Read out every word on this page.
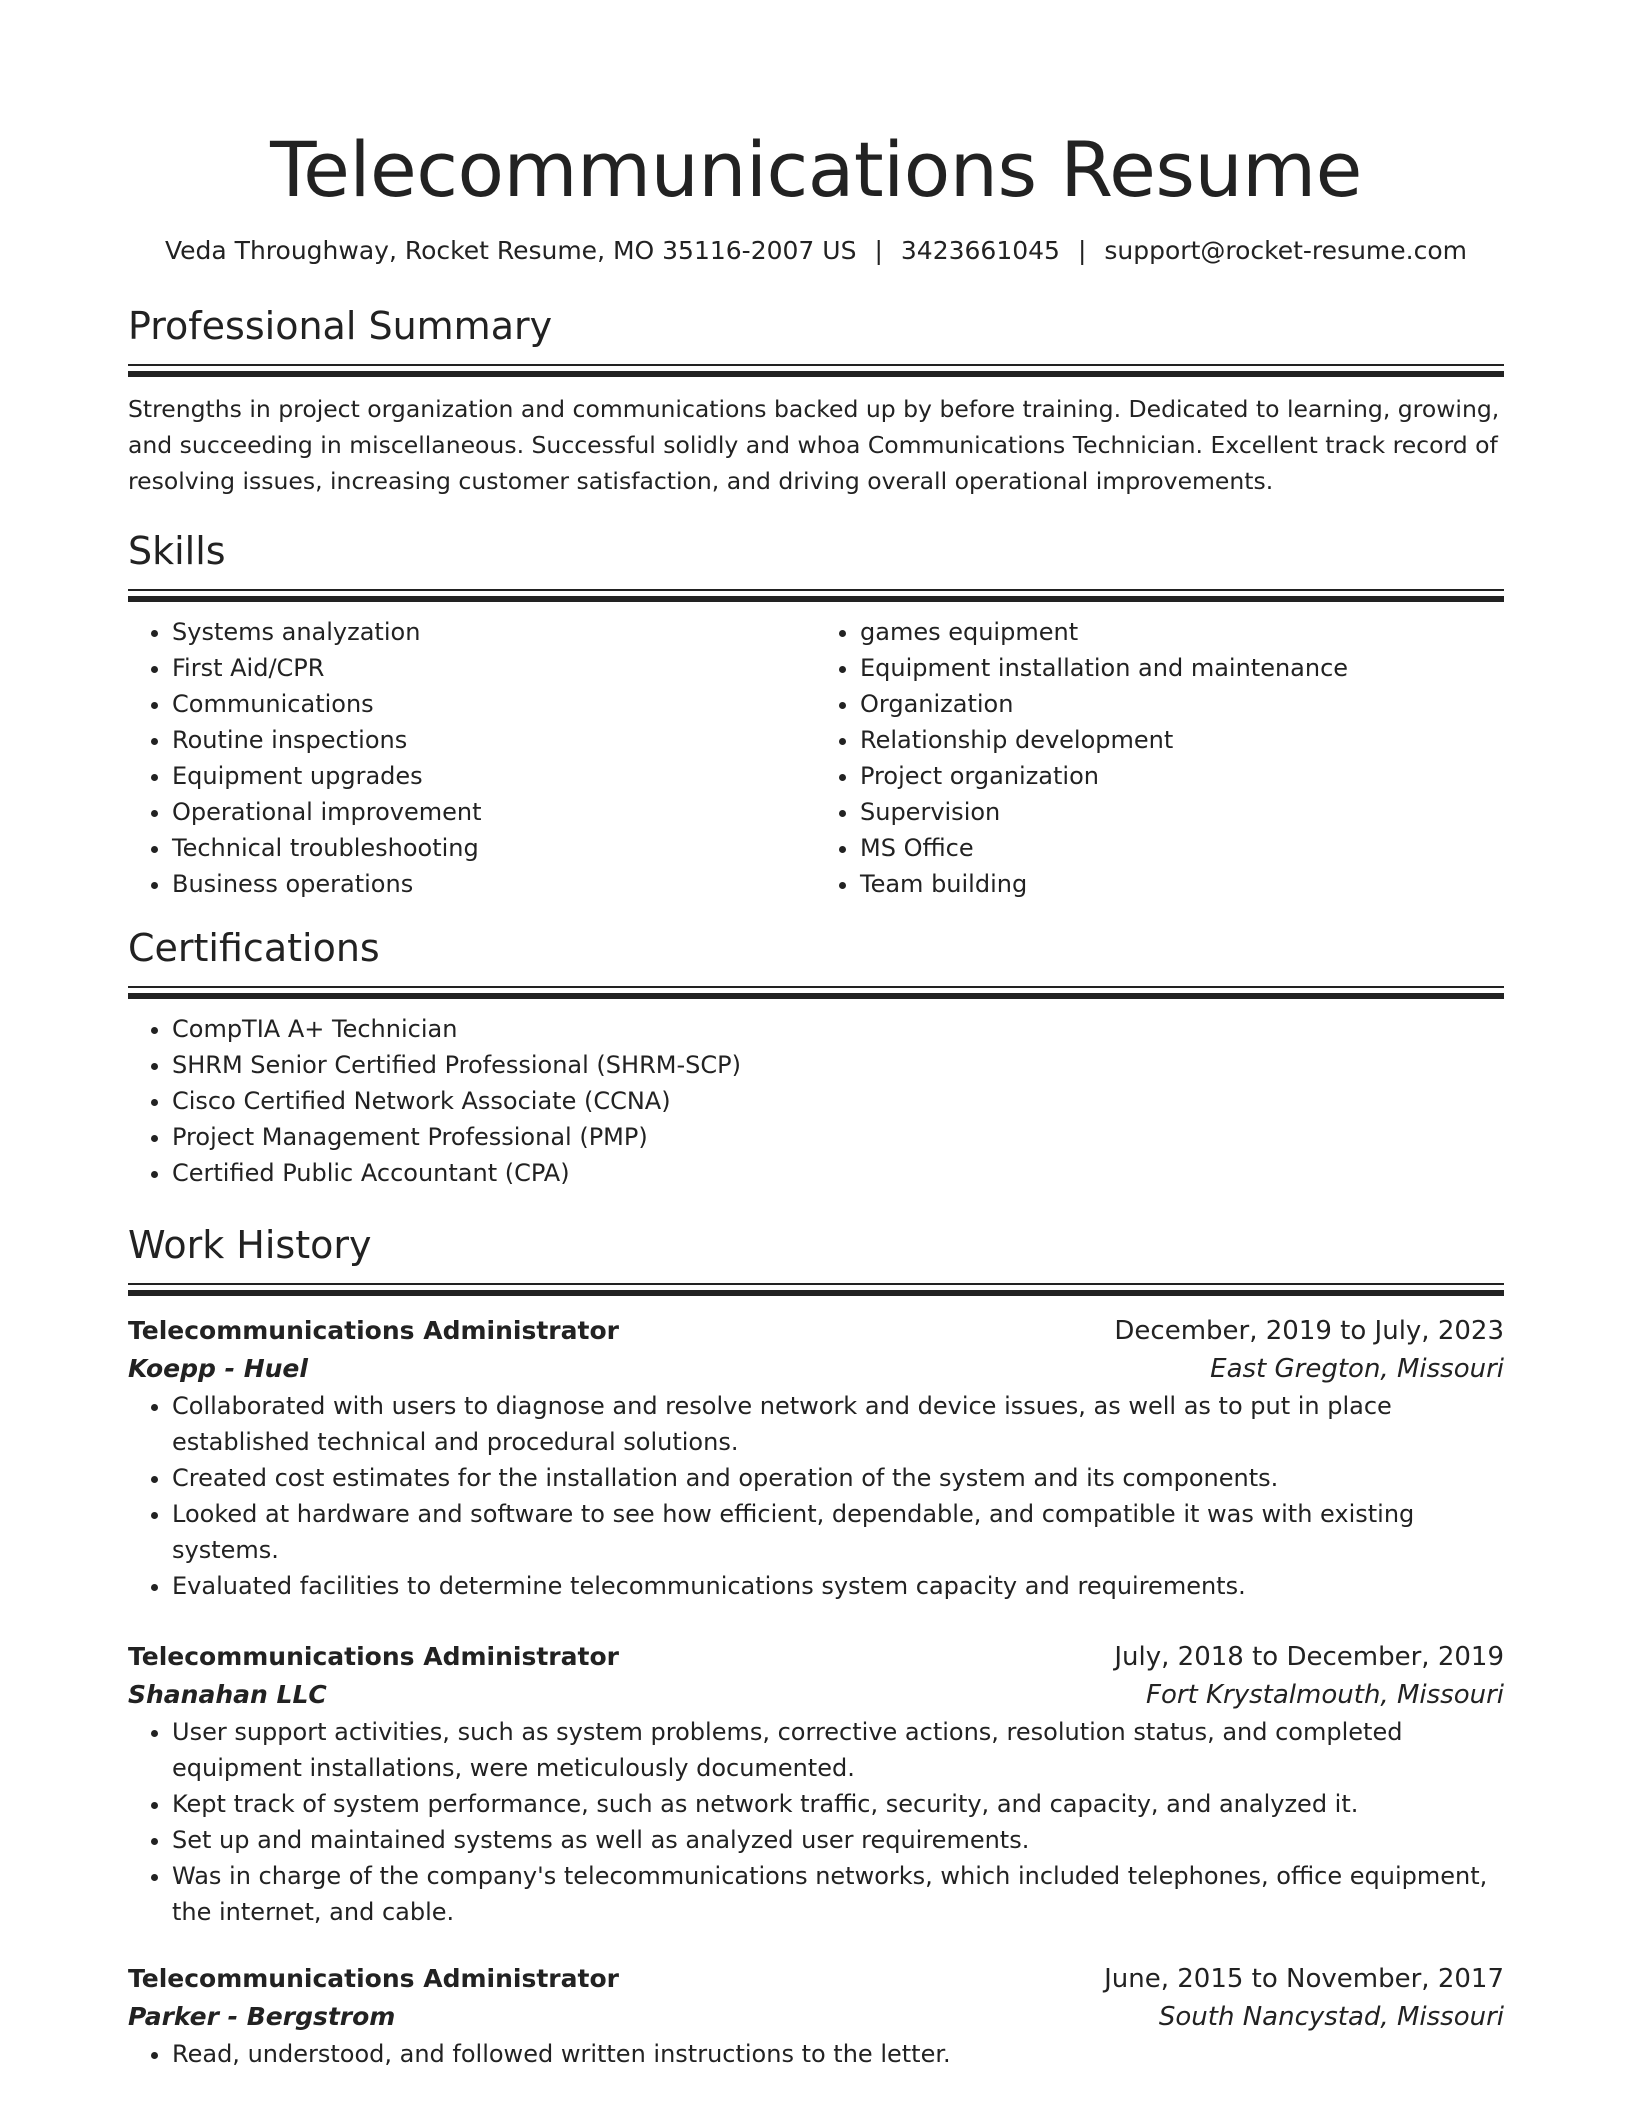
Telecommunications Resume
Veda Throughway, Rocket Resume, MO 35116-2007 US | 3423661045 | support@rocket-resume.com
Professional Summary

Strengths in project organization and communications backed up by before training. Dedicated to learning, growing, and succeeding in miscellaneous. Successful solidly and whoa Communications Technician. Excellent track record of resolving issues, increasing customer satisfaction, and driving overall operational improvements.

Skills
• Systems analyzation
• First Aid/CPR
• Communications
• Routine inspections
• Equipment upgrades
• Operational improvement
• Technical troubleshooting
• Business operations
• games equipment
• Equipment installation and maintenance
• Organization
• Relationship development
• Project organization
• Supervision
• MS Office
• Team building
Certifications
• CompTIA A+ Technician
• SHRM Senior Certified Professional (SHRM-SCP)
• Cisco Certified Network Associate (CCNA)
• Project Management Professional (PMP)
• Certified Public Accountant (CPA)
Work History
Telecommunications Administrator	December, 2019 to July, 2023
Koepp - Huel	East Gregton, Missouri
• Collaborated with users to diagnose and resolve network and device issues, as well as to put in place established technical and procedural solutions.
• Created cost estimates for the installation and operation of the system and its components.
• Looked at hardware and software to see how efficient, dependable, and compatible it was with existing systems.
• Evaluated facilities to determine telecommunications system capacity and requirements.
Telecommunications Administrator	July, 2018 to December, 2019
Shanahan LLC	Fort Krystalmouth, Missouri
• User support activities, such as system problems, corrective actions, resolution status, and completed equipment installations, were meticulously documented.
• Kept track of system performance, such as network traffic, security, and capacity, and analyzed it.
• Set up and maintained systems as well as analyzed user requirements.
• Was in charge of the company's telecommunications networks, which included telephones, office equipment, the internet, and cable.
Telecommunications Administrator	June, 2015 to November, 2017
Parker - Bergstrom	South Nancystad, Missouri
• Read, understood, and followed written instructions to the letter.
